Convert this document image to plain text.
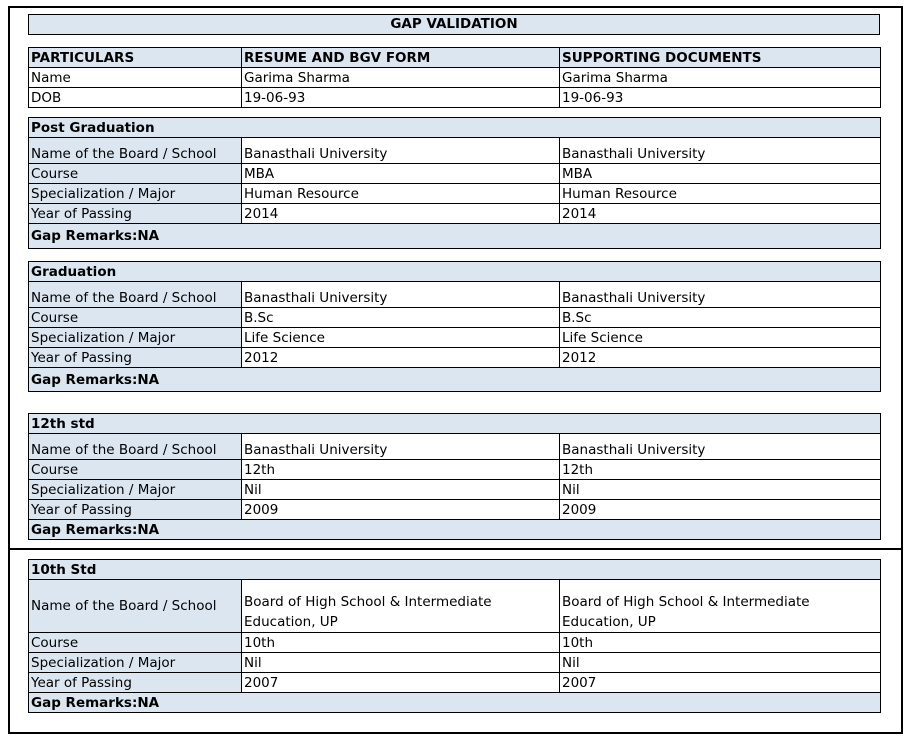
GAP VALIDATION
PARTICULARS	RESUME AND BGV FORM	SUPPORTING DOCUMENTS
Name	Garima Sharma	Garima Sharma
DOB	19-06-93	19-06-93
Post Graduation		
Name of the Board / School	Banasthali University	Banasthali University
Course	MBA	MBA
Specialization / Major	Human Resource	Human Resource
Year of Passing	2014	2014
Gap Remarks:NA		
Graduation		
Name of the Board / School	Banasthali University	Banasthali University
Course	B.Sc	B.Sc
Specialization / Major	Life Science	Life Science
Year of Passing	2012	2012
Gap Remarks:NA		
12th std		
Name of the Board / School	Banasthali University	Banasthali University
Course	12th	12th
Specialization / Major	Nil	Nil
Year of Passing	2009	2009
Gap Remarks:NA		
10th Std		
Name of the Board / School	Board of High School & Intermediate Education, UP	Board of High School & Intermediate Education, UP
Course	10th	10th
Specialization / Major	Nil	Nil
Year of Passing	2007	2007
Gap Remarks:NA		
